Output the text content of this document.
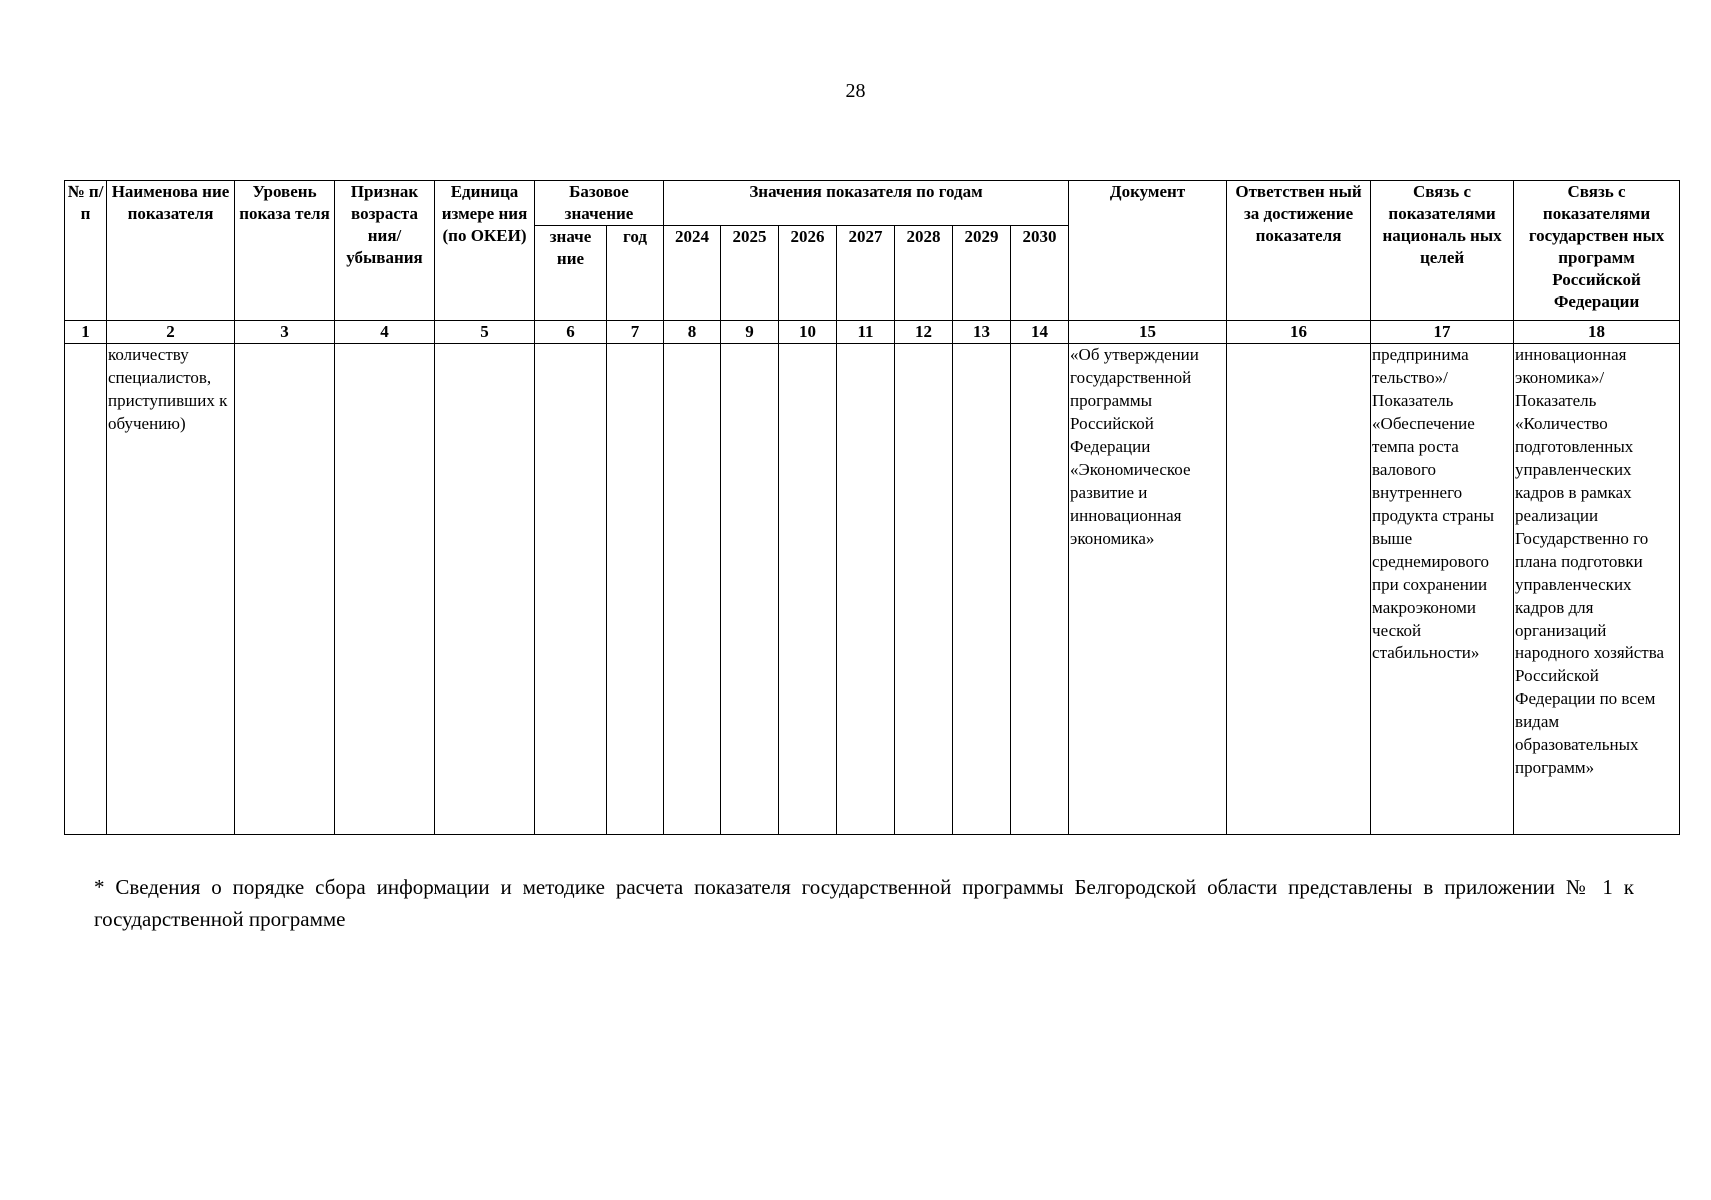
28
№ п/п	Наименова ние показателя	Уровень показа теля	Признак возраста ния/ убывания	Единица измере ния (по ОКЕИ)	Базовое значение		Значения показателя по годам							Документ	Ответствен ный за достижение показателя	Связь с показателями националь ных целей	Связь с показателями государствен ных программ Российской Федерации
					значе ние	год	2024	2025	2026	2027	2028	2029	2030				
1	2	3	4	5	6	7	8	9	10	11	12	13	14	15	16	17	18
	количеству специалистов, приступивших к обучению)													«Об утверждении государственной программы Российской Федерации «Экономическое развитие и инновационная экономика»		предпринима тельство»/ Показатель «Обеспечение темпа роста валового внутреннего продукта страны выше среднемирового при сохранении макроэкономи ческой стабильности»	инновационная экономика»/ Показатель «Количество подготовленных управленческих кадров в рамках реализации Государственно го плана подготовки управленческих кадров для организаций народного хозяйства Российской Федерации по всем видам образовательных программ»
* Сведения о порядке сбора информации и методике расчета показателя государственной программы Белгородской области представлены в приложении № 1 к государственной программе
